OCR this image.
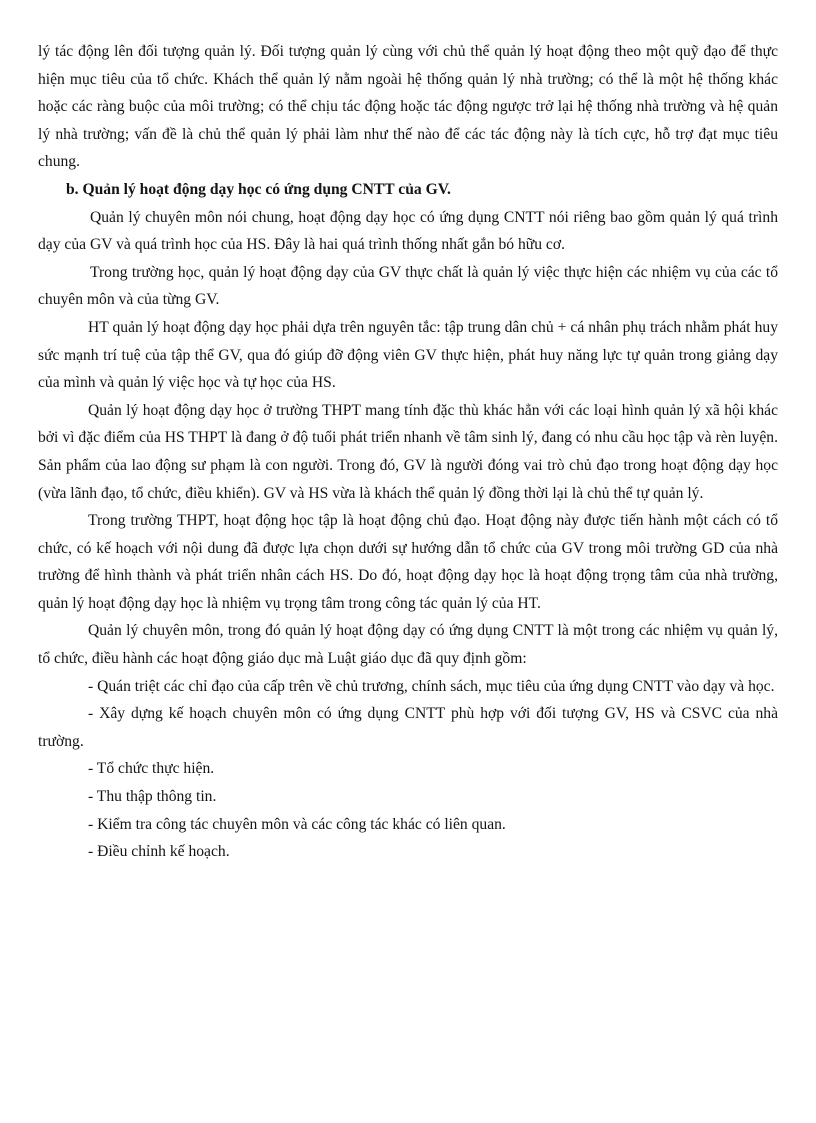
lý tác động lên đối tượng quản lý. Đối tượng quản lý cùng với chủ thể quản lý hoạt động theo một quỹ đạo để thực hiện mục tiêu của tổ chức. Khách thể quản lý nằm ngoài hệ thống quản lý nhà trường; có thể là một hệ thống khác hoặc các ràng buộc của môi trường; có thể chịu tác động hoặc tác động ngược trở lại hệ thống nhà trường và hệ quản lý nhà trường; vấn đề là chủ thể quản lý phải làm như thế nào để các tác động này là tích cực, hỗ trợ đạt mục tiêu chung.

b. Quản lý hoạt động dạy học có ứng dụng CNTT của GV.

Quản lý chuyên môn nói chung, hoạt động dạy học có ứng dụng CNTT nói riêng bao gồm quản lý quá trình dạy của GV và quá trình học của HS. Đây là hai quá trình thống nhất gắn bó hữu cơ.

Trong trường học, quản lý hoạt động dạy của GV thực chất là quản lý việc thực hiện các nhiệm vụ của các tổ chuyên môn và của từng GV.

HT quản lý hoạt động dạy học phải dựa trên nguyên tắc: tập trung dân chủ + cá nhân phụ trách nhằm phát huy sức mạnh trí tuệ của tập thể GV, qua đó giúp đỡ động viên GV thực hiện, phát huy năng lực tự quản trong giảng dạy của mình và quản lý việc học và tự học của HS.

Quản lý hoạt động dạy học ở trường THPT mang tính đặc thù khác hẳn với các loại hình quản lý xã hội khác bởi vì đặc điểm của HS THPT là đang ở độ tuổi phát triển nhanh về tâm sinh lý, đang có nhu cầu học tập và rèn luyện. Sản phẩm của lao động sư phạm là con người. Trong đó, GV là người đóng vai trò chủ đạo trong hoạt động dạy học (vừa lãnh đạo, tổ chức, điều khiển). GV và HS vừa là khách thể quản lý đồng thời lại là chủ thể tự quản lý.

Trong trường THPT, hoạt động học tập là hoạt động chủ đạo. Hoạt động này được tiến hành một cách có tổ chức, có kế hoạch với nội dung đã được lựa chọn dưới sự hướng dẫn tổ chức của GV trong môi trường GD của nhà trường để hình thành và phát triển nhân cách HS. Do đó, hoạt động dạy học là hoạt động trọng tâm của nhà trường, quản lý hoạt động dạy học là nhiệm vụ trọng tâm trong công tác quản lý của HT.

Quản lý chuyên môn, trong đó quản lý hoạt động dạy có ứng dụng CNTT là một trong các nhiệm vụ quản lý, tổ chức, điều hành các hoạt động giáo dục mà Luật giáo dục đã quy định gồm:

- Quán triệt các chỉ đạo của cấp trên về chủ trương, chính sách, mục tiêu của ứng dụng CNTT vào dạy và học.

- Xây dựng kế hoạch chuyên môn có ứng dụng CNTT phù hợp với đối tượng GV, HS và CSVC của nhà trường.

- Tổ chức thực hiện.

- Thu thập thông tin.

- Kiểm tra công tác chuyên môn và các công tác khác có liên quan.

- Điều chỉnh kế hoạch.
